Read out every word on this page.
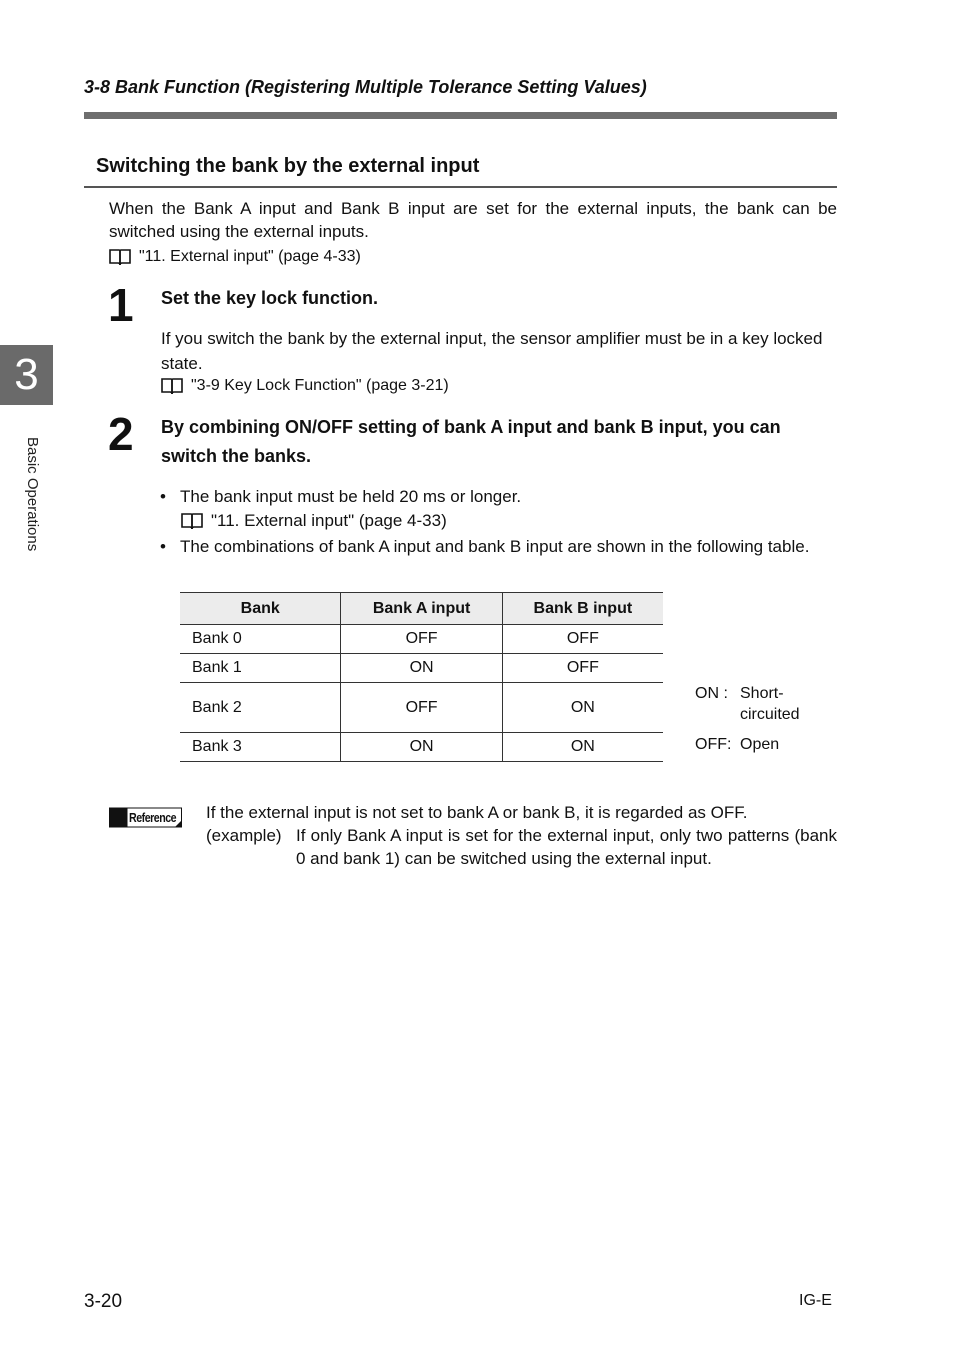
3-8 Bank Function (Registering Multiple Tolerance Setting Values)
Switching the bank by the external input
When the Bank A input and Bank B input are set for the external inputs, the bank can be switched using the external inputs.
"11. External input" (page 4-33)
1 Set the key lock function.
If you switch the bank by the external input, the sensor amplifier must be in a key locked state.
"3-9 Key Lock Function" (page 3-21)
2 By combining ON/OFF setting of bank A input and bank B input, you can switch the banks.
• The bank input must be held 20 ms or longer.
"11. External input" (page 4-33)
• The combinations of bank A input and bank B input are shown in the following table.
Bank	Bank A input	Bank B input
Bank 0	OFF	OFF
Bank 1	ON	OFF
Bank 2	OFF	ON
Bank 3	ON	ON
ON : Short-circuited
OFF: Open
Reference If the external input is not set to bank A or bank B, it is regarded as OFF.
(example) If only Bank A input is set for the external input, only two patterns (bank 0 and bank 1) can be switched using the external input.
3
Basic Operations
3-20	IG-E
